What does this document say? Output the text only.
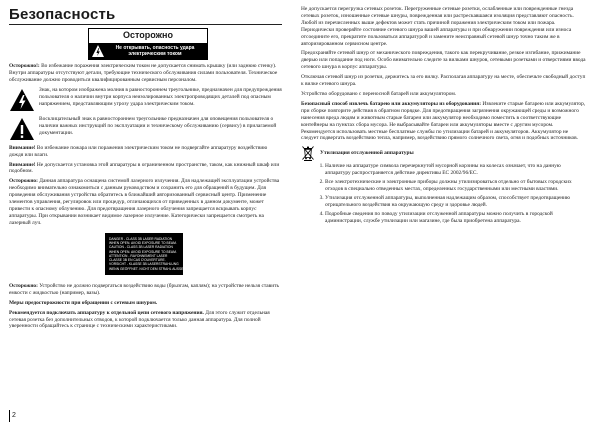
Безопасность
Осторожно
Не открывать, опасность удара электрическим током

Осторожно!: Во избежание поражения электрическим током не допускается снимать крышку (или заднюю стенку). Внутри аппаратуры отсутствуют детали, требующие технического обслуживания силами пользователя. Техническое обслуживание должно проводиться квалифицированным сервисным персоналом.

Знак, на котором изображена молния в равностороннем треугольнике, предназначен для предупреждения пользователя о наличии внутри корпуса неизолированных электропроводящих деталей под опасным напряжением, представляющим угрозу удара электрическим током.
Восклицательный знак в равностороннем треугольнике предназначен для оповещения пользователя о наличии важных инструкций по эксплуатации и техническому обслуживанию (сервису) в прилагаемой документации.

Внимание! Во избежание пожара или поражения электрическим током не подвергайте аппаратуру воздействию дождя или влаги.

Внимание! Не допускается установка этой аппаратуры в ограниченном пространстве, таком, как книжный шкаф или подобном.

Осторожно: Данная аппаратура оснащена системой лазерного излучения. Для надлежащей эксплуатации устройства необходимо внимательно ознакомиться с данным руководством и сохранить его для обращений в будущем. Для проведения обслуживания устройства обратитесь в ближайший авторизованный сервисный центр. Применение элементов управления, регулировок или процедур, отличающихся от приведенных в данном документе, может привести к опасному облучению. Для предотвращения лазерного облучения запрещается вскрывать корпус аппаратуры. При открывании возникает видимое лазерное излучение. Категорически запрещается смотреть на лазерный луч.

DANGER - CLASS 3B LASER RADIATION
WHEN OPEN. AVOID EXPOSURE TO BEAM.
CAUTION - CLASS 3B LASER RADIATION
WHEN OPEN. AVOID EXPOSURE TO BEAM.
ATTENTION - RAYONNEMENT LASER
CLASSE 3B EN CAS D'OUVERTURE.
VORSICHT - KLASSE 3B LASERSTRAHLUNG
WENN GEÖFFNET. NICHT DEM STRAHL AUSSETZEN.

Осторожно: Устройство не должно подвергаться воздействию воды (брызгам, каплям); на устройстве нельзя ставить емкости с жидкостью (например, вазы).

Меры предосторожности при обращении с сетевым шнуром.

Рекомендуется подключать аппаратуру к отдельной цепи сетевого напряжения. Для этого служит отдельная сетевая розетка без дополнительных отводов, к которой подключается только данная аппаратура. Для полной уверенности обращайтесь к странице с техническими характеристиками.

Не допускается перегрузка сетевых розеток. Перегруженные сетевые розетки, ослабленные или поврежденные гнезда сетевых розеток, изношенные сетевые шнуры, поврежденная или растрескавшаяся изоляция представляют опасность. Любой из перечисленных выше дефектов может стать причиной поражения электрическим током или пожара. Периодически проверяйте состояние сетевого шнура вашей аппаратуры и при обнаружении повреждения или износа отсоедините его, прекратите пользоваться аппаратурой и замените неисправный сетевой шнур точно таким же в авторизированном сервисном центре.

Предохраняйте сетевой шнур от механического повреждения, такого как перекручивание, резкое изгибание, прижимание дверью или попадание под ноги. Особо внимательно следите за вилками шнуров, сетевыми розетками и отверстиями ввода сетевого шнура в корпус аппаратуры.

Отключая сетевой шнур из розетки, держитесь за его вилку. Располагая аппаратуру на месте, обеспечьте свободный доступ к вилке сетевого шнура.

Устройство оборудовано с переносной батарей или аккумулятором.

Безопасный способ извлечь батарею или аккумуляторы из оборудования: Извлеките старые батарею или аккумулятор, при сборке повторите действия в обратном порядке. Для предотвращения загрязнения окружающей среды и возможного нанесения вреда людям и животным старые батареи или аккумулятор необходимо поместить в соответствующие контейнеры на пунктах сбора мусора. Не выбрасывайте батареи или аккумуляторы вместе с другим мусором. Рекомендуется использовать местные бесплатные службы по утилизации батарей и аккумуляторов. Аккумулятор не следует подвергать воздействию тепла, например, воздействию прямого солнечного света, огня и подобных источников.

Утилизация отслуженной аппаратуры
1. Наличие на аппаратуре символа перечеркнутой мусорной корзины на колесах означает, что на данную аппаратуру распространяется действие директивы ЕС 2002/96/ЕС.
2. Все электротехнические и электронные приборы должны утилизироваться отдельно от бытовых городских отходов в специально отведенных местах, определенных государственными или местными властями.
3. Утилизация отслуженной аппаратуры, выполненная надлежащим образом, способствует предотвращению отрицательного воздействия на окружающую среду и здоровье людей.
4. Подробные сведения по поводу утилизации отслуженной аппаратуры можно получить в городской администрации, службе утилизации или магазине, где была приобретена аппаратура.
2
